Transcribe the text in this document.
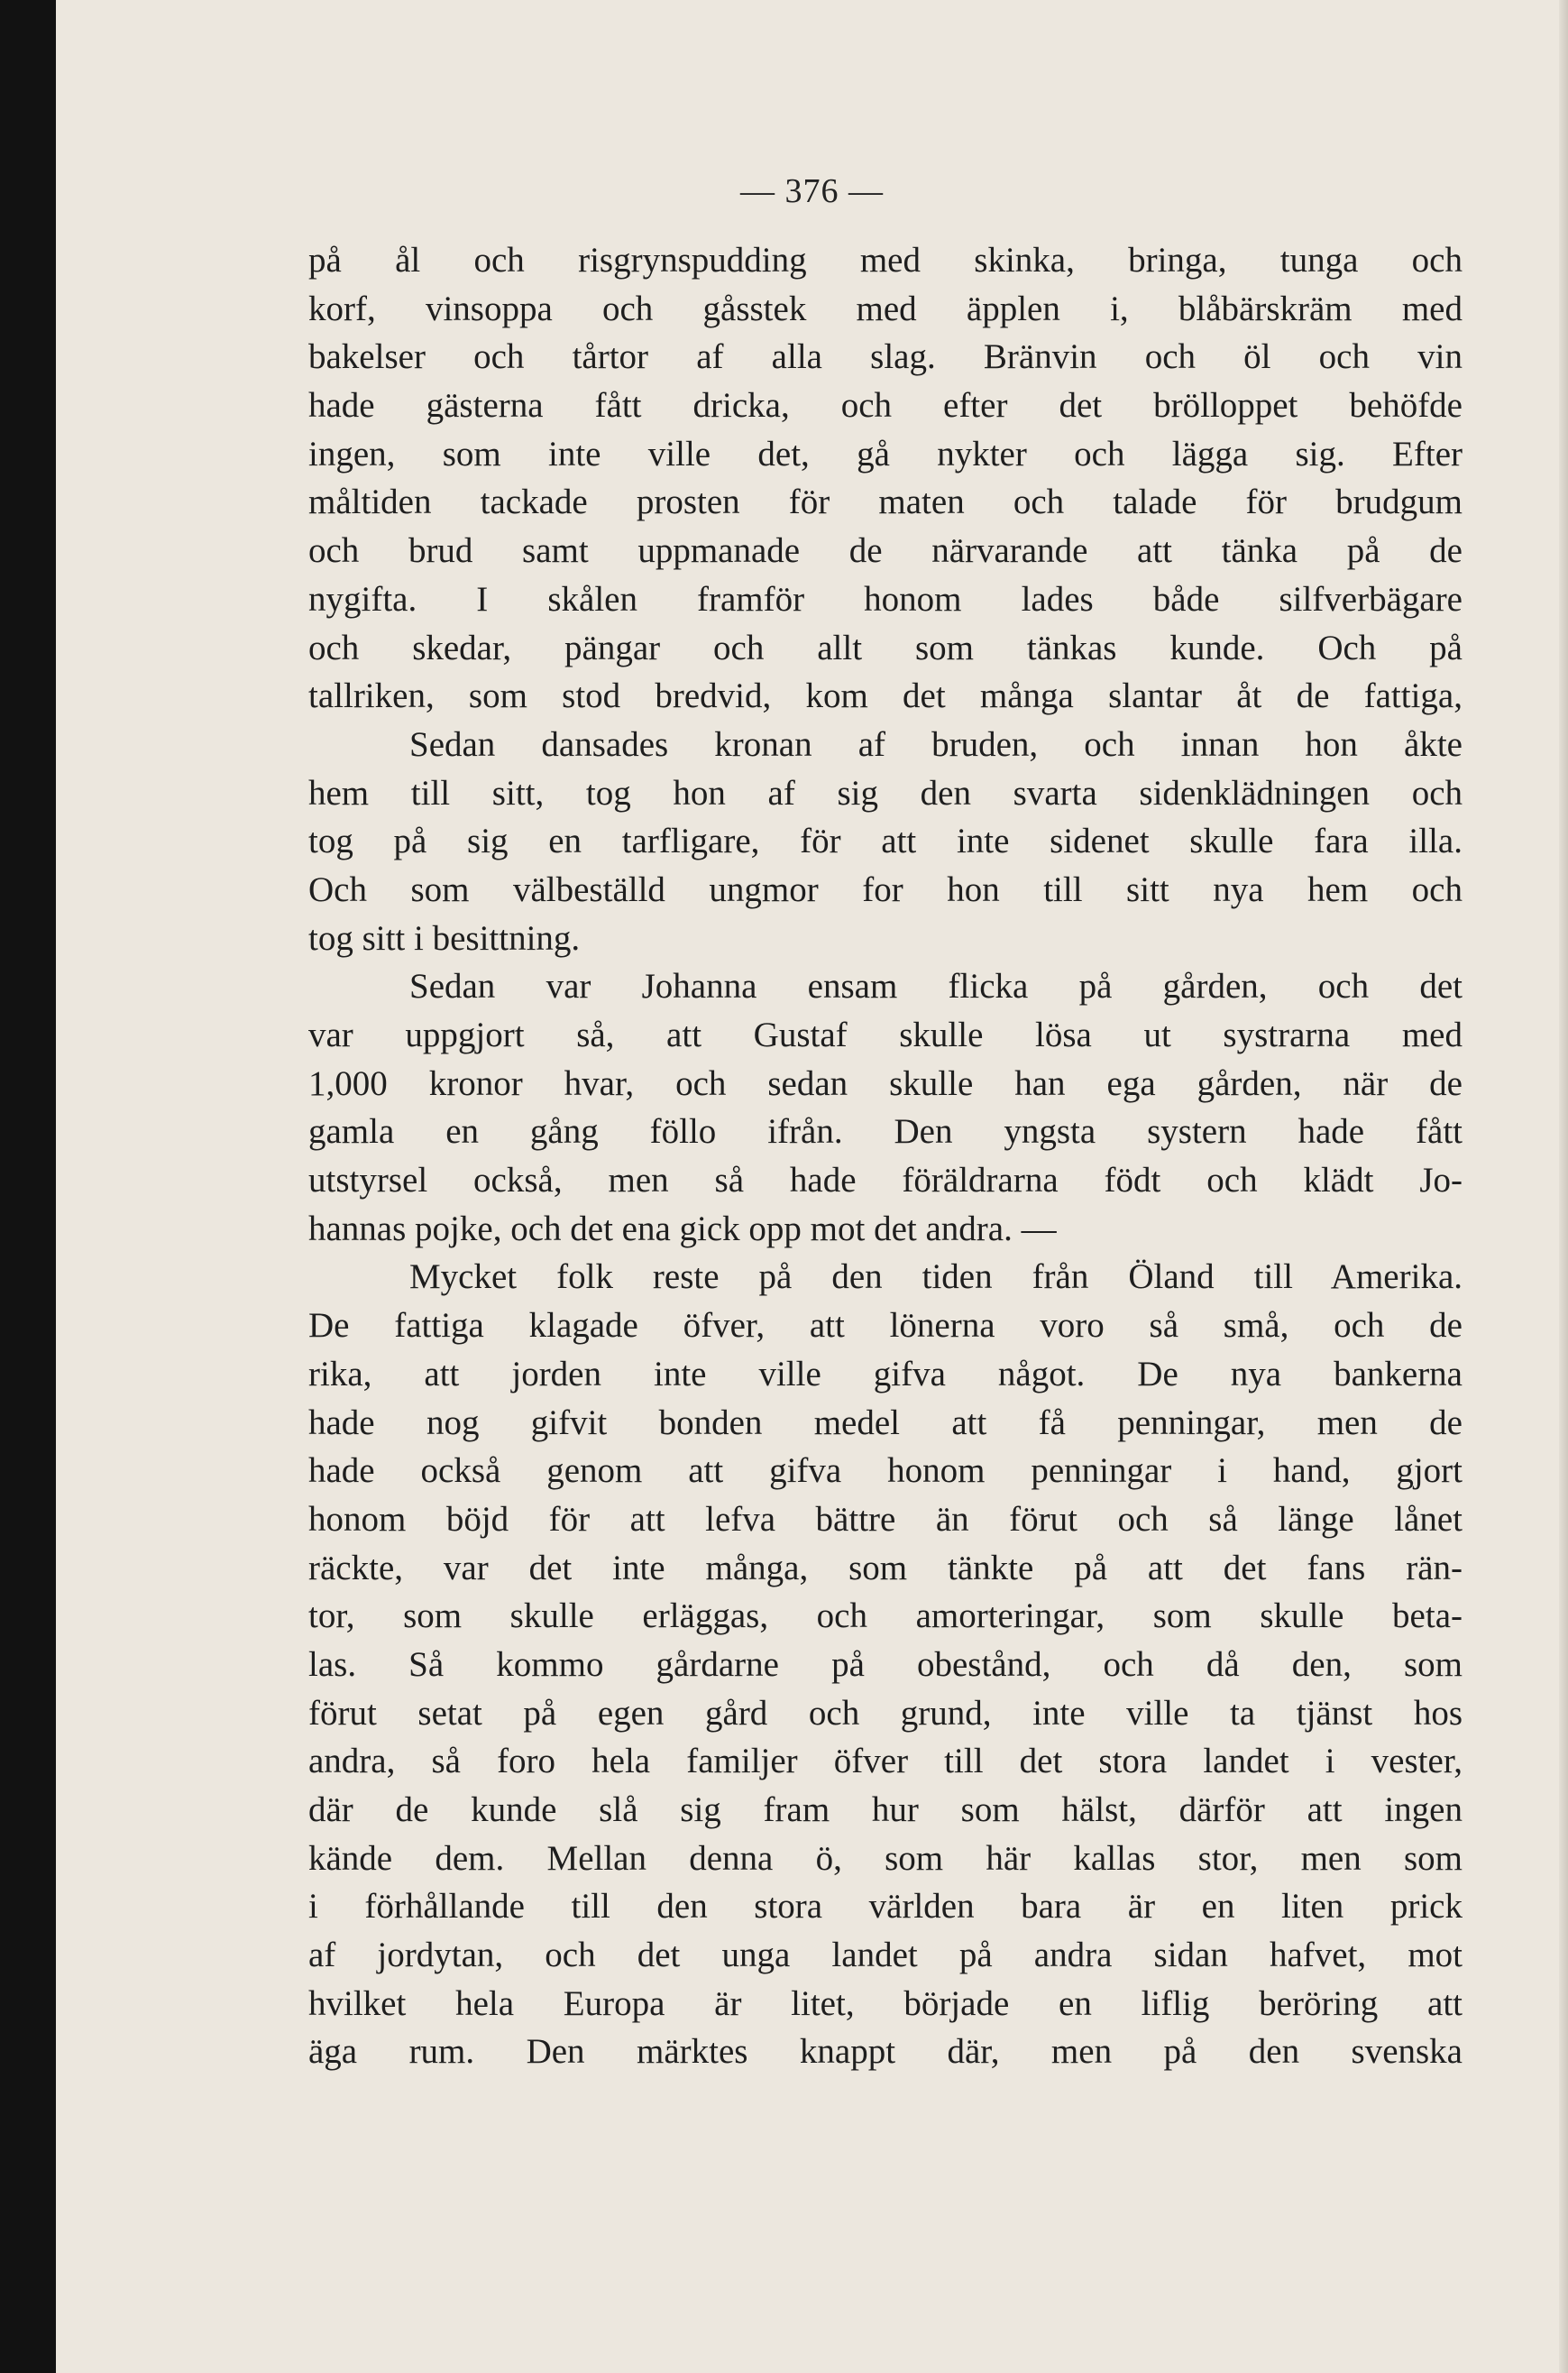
— 376 —
på ål och risgrynspudding med skinka, bringa, tunga och
korf, vinsoppa och gåsstek med äpplen i, blåbärskräm med
bakelser och tårtor af alla slag. Bränvin och öl och vin
hade gästerna fått dricka, och efter det brölloppet behöfde
ingen, som inte ville det, gå nykter och lägga sig. Efter
måltiden tackade prosten för maten och talade för brudgum
och brud samt uppmanade de närvarande att tänka på de
nygifta. I skålen framför honom lades både silfverbägare
och skedar, pängar och allt som tänkas kunde. Och på
tallriken, som stod bredvid, kom det många slantar åt de fattiga,
Sedan dansades kronan af bruden, och innan hon åkte
hem till sitt, tog hon af sig den svarta sidenklädningen och
tog på sig en tarfligare, för att inte sidenet skulle fara illa.
Och som välbeställd ungmor for hon till sitt nya hem och
tog sitt i besittning.
Sedan var Johanna ensam flicka på gården, och det
var uppgjort så, att Gustaf skulle lösa ut systrarna med
1,000 kronor hvar, och sedan skulle han ega gården, när de
gamla en gång föllo ifrån. Den yngsta systern hade fått
utstyrsel också, men så hade föräldrarna födt och klädt Jo-
hannas pojke, och det ena gick opp mot det andra. —
Mycket folk reste på den tiden från Öland till Amerika.
De fattiga klagade öfver, att lönerna voro så små, och de
rika, att jorden inte ville gifva något. De nya bankerna
hade nog gifvit bonden medel att få penningar, men de
hade också genom att gifva honom penningar i hand, gjort
honom böjd för att lefva bättre än förut och så länge lånet
räckte, var det inte många, som tänkte på att det fans rän-
tor, som skulle erläggas, och amorteringar, som skulle beta-
las. Så kommo gårdarne på obestånd, och då den, som
förut setat på egen gård och grund, inte ville ta tjänst hos
andra, så foro hela familjer öfver till det stora landet i vester,
där de kunde slå sig fram hur som hälst, därför att ingen
kände dem. Mellan denna ö, som här kallas stor, men som
i förhållande till den stora världen bara är en liten prick
af jordytan, och det unga landet på andra sidan hafvet, mot
hvilket hela Europa är litet, började en liflig beröring att
äga rum. Den märktes knappt där, men på den svenska
